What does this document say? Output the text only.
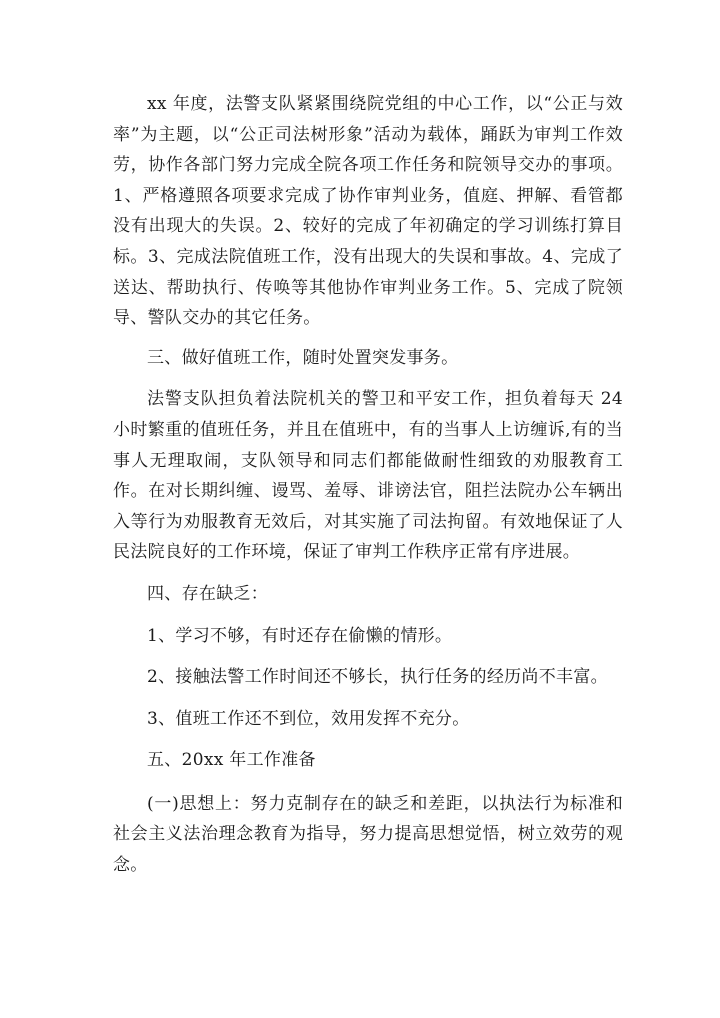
xx 年度，法警支队紧紧围绕院党组的中心工作，以“公正与效率”为主题，以“公正司法树形象”活动为载体，踊跃为审判工作效劳，协作各部门努力完成全院各项工作任务和院领导交办的事项。1、严格遵照各项要求完成了协作审判业务，值庭、押解、看管都没有出现大的失误。2、较好的完成了年初确定的学习训练打算目标。3、完成法院值班工作，没有出现大的失误和事故。4、完成了送达、帮助执行、传唤等其他协作审判业务工作。5、完成了院领导、警队交办的其它任务。

三、做好值班工作，随时处置突发事务。

法警支队担负着法院机关的警卫和平安工作，担负着每天 24 小时繁重的值班任务，并且在值班中，有的当事人上访缠诉,有的当事人无理取闹，支队领导和同志们都能做耐性细致的劝服教育工作。在对长期纠缠、谩骂、羞辱、诽谤法官，阻拦法院办公车辆出入等行为劝服教育无效后，对其实施了司法拘留。有效地保证了人民法院良好的工作环境，保证了审判工作秩序正常有序进展。

四、存在缺乏：

1、学习不够，有时还存在偷懒的情形。

2、接触法警工作时间还不够长，执行任务的经历尚不丰富。

3、值班工作还不到位，效用发挥不充分。

五、20xx 年工作准备

(一)思想上：努力克制存在的缺乏和差距，以执法行为标准和社会主义法治理念教育为指导，努力提高思想觉悟，树立效劳的观念。
